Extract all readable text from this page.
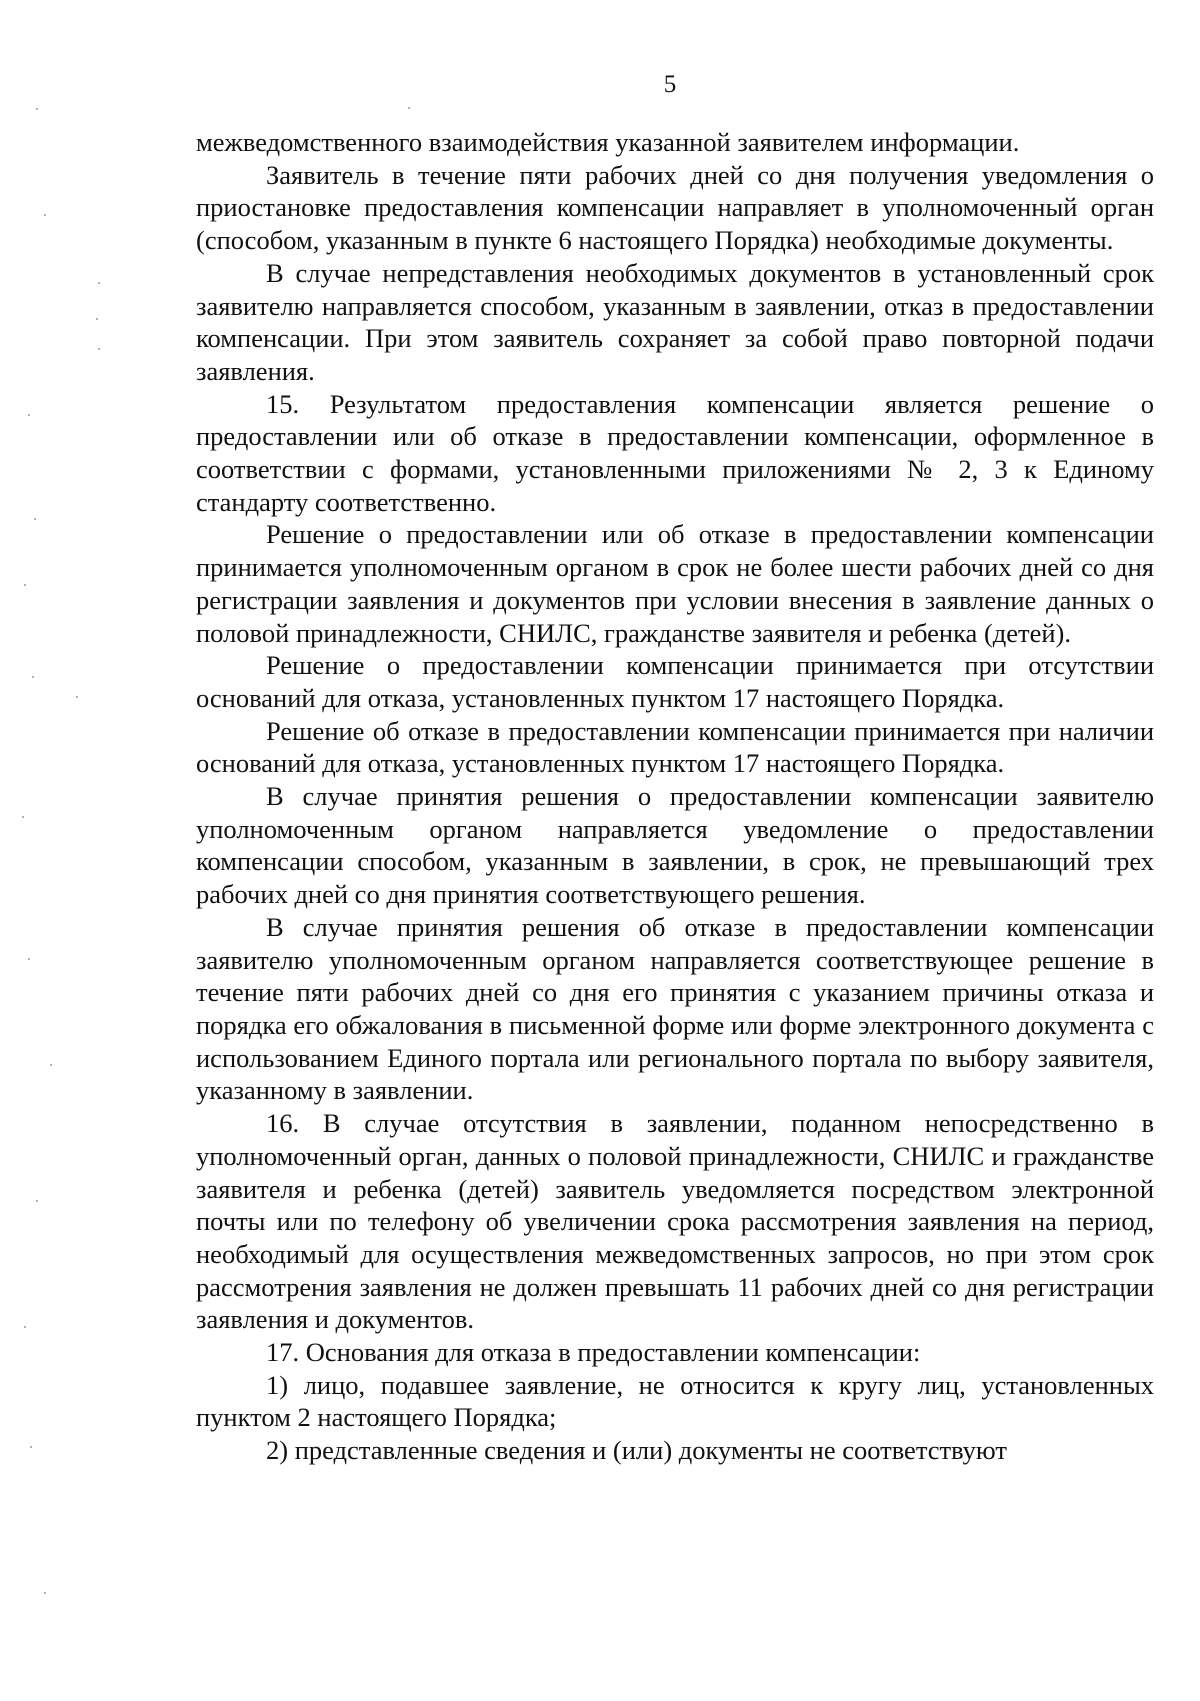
5

межведомственного взаимодействия указанной заявителем информации.

Заявитель в течение пяти рабочих дней со дня получения уведомления о приостановке предоставления компенсации направляет в уполномоченный орган (способом, указанным в пункте 6 настоящего Порядка) необходимые документы.

В случае непредставления необходимых документов в установленный срок заявителю направляется способом, указанным в заявлении, отказ в предоставлении компенсации. При этом заявитель сохраняет за собой право повторной подачи заявления.

15. Результатом предоставления компенсации является решение о предоставлении или об отказе в предоставлении компенсации, оформленное в соответствии с формами, установленными приложениями № 2, 3 к Единому стандарту соответственно.

Решение о предоставлении или об отказе в предоставлении компенсации принимается уполномоченным органом в срок не более шести рабочих дней со дня регистрации заявления и документов при условии внесения в заявление данных о половой принадлежности, СНИЛС, гражданстве заявителя и ребенка (детей).

Решение о предоставлении компенсации принимается при отсутствии оснований для отказа, установленных пунктом 17 настоящего Порядка.

Решение об отказе в предоставлении компенсации принимается при наличии оснований для отказа, установленных пунктом 17 настоящего Порядка.

В случае принятия решения о предоставлении компенсации заявителю уполномоченным органом направляется уведомление о предоставлении компенсации способом, указанным в заявлении, в срок, не превышающий трех рабочих дней со дня принятия соответствующего решения.

В случае принятия решения об отказе в предоставлении компенсации заявителю уполномоченным органом направляется соответствующее решение в течение пяти рабочих дней со дня его принятия с указанием причины отказа и порядка его обжалования в письменной форме или форме электронного документа с использованием Единого портала или регионального портала по выбору заявителя, указанному в заявлении.

16. В случае отсутствия в заявлении, поданном непосредственно в уполномоченный орган, данных о половой принадлежности, СНИЛС и гражданстве заявителя и ребенка (детей) заявитель уведомляется посредством электронной почты или по телефону об увеличении срока рассмотрения заявления на период, необходимый для осуществления межведомственных запросов, но при этом срок рассмотрения заявления не должен превышать 11 рабочих дней со дня регистрации заявления и документов.

17. Основания для отказа в предоставлении компенсации:

1) лицо, подавшее заявление, не относится к кругу лиц, установленных пунктом 2 настоящего Порядка;

2) представленные сведения и (или) документы не соответствуют
